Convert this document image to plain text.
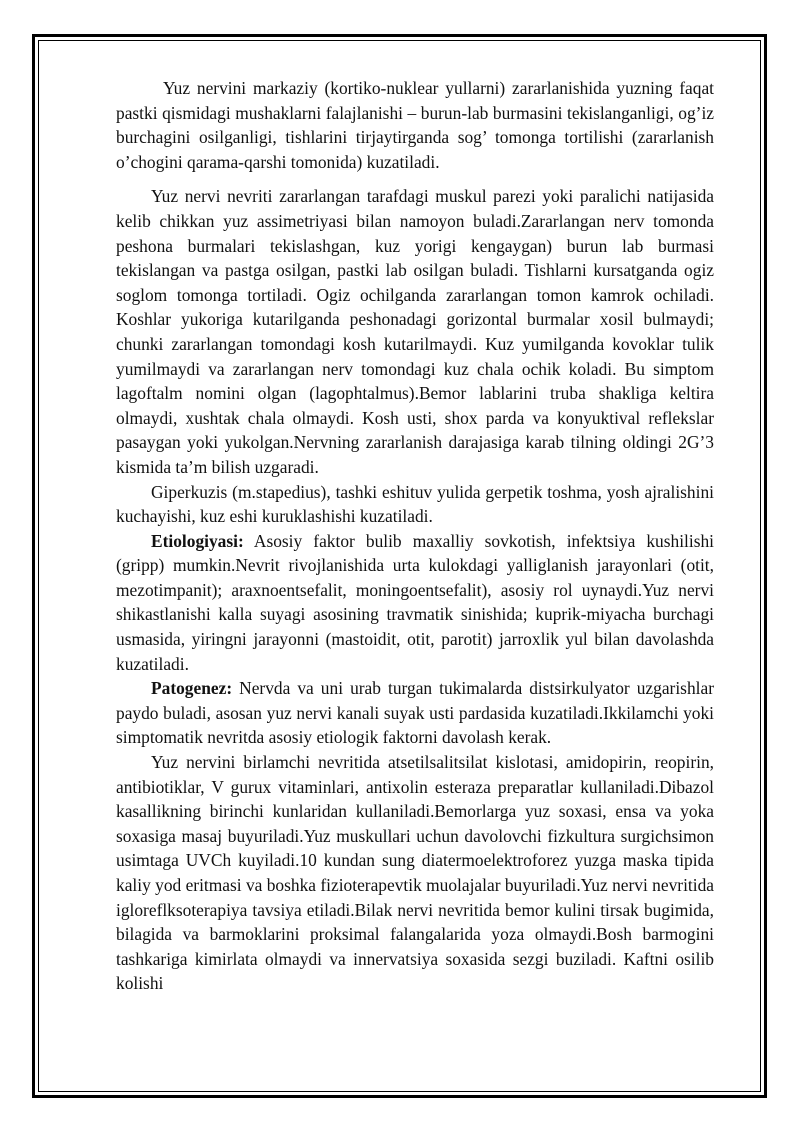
Yuz nervini markaziy (kortiko-nuklear yullarni) zararlanishida yuzning faqat pastki qismidagi mushaklarni falajlanishi – burun-lab burmasini tekislanganligi, og’iz burchagini osilganligi, tishlarini tirjaytirganda sog’ tomonga tortilishi (zararlanish o’chogini qarama-qarshi tomonida) kuzatiladi.

Yuz nervi nevriti zararlangan tarafdagi muskul parezi yoki paralichi natijasida kelib chikkan yuz assimetriyasi bilan namoyon buladi.Zararlangan nerv tomonda peshona burmalari tekislashgan, kuz yorigi kengaygan) burun lab burmasi tekislangan va pastga osilgan, pastki lab osilgan buladi. Tishlarni kursatganda ogiz soglom tomonga tortiladi. Ogiz ochilganda zararlangan tomon kamrok ochiladi. Koshlar yukoriga kutarilganda peshonadagi gorizontal burmalar xosil bulmaydi; chunki zararlangan tomondagi kosh kutarilmaydi. Kuz yumilganda kovoklar tulik yumilmaydi va zararlangan nerv tomondagi kuz chala ochik koladi. Bu simptom lagoftalm nomini olgan (lagophtalmus).Bemor lablarini truba shakliga keltira olmaydi, xushtak chala olmaydi. Kosh usti, shox parda va konyuktival reflekslar pasaygan yoki yukolgan.Nervning zararlanish darajasiga karab tilning oldingi 2G’3 kismida ta’m bilish uzgaradi.

Giperkuzis (m.stapedius), tashki eshituv yulida gerpetik toshma, yosh ajralishini kuchayishi, kuz eshi kuruklashishi kuzatiladi.

Etiologiyasi: Asosiy faktor bulib maxalliy sovkotish, infektsiya kushilishi (gripp) mumkin.Nevrit rivojlanishida urta kulokdagi yalliglanish jarayonlari (otit, mezotimpanit); araxnoentsefalit, moningoentsefalit), asosiy rol uynaydi.Yuz nervi shikastlanishi kalla suyagi asosining travmatik sinishida; kuprik-miyacha burchagi usmasida, yiringni jarayonni (mastoidit, otit, parotit) jarroxlik yul bilan davolashda kuzatiladi.

Patogenez: Nervda va uni urab turgan tukimalarda distsirkulyator uzgarishlar paydo buladi, asosan yuz nervi kanali suyak usti pardasida kuzatiladi.Ikkilamchi yoki simptomatik nevritda asosiy etiologik faktorni davolash kerak.

Yuz nervini birlamchi nevritida atsetilsalitsilat kislotasi, amidopirin, reopirin, antibiotiklar, V gurux vitaminlari, antixolin esteraza preparatlar kullaniladi.Dibazol kasallikning birinchi kunlaridan kullaniladi.Bemorlarga yuz soxasi, ensa va yoka soxasiga masaj buyuriladi.Yuz muskullari uchun davolovchi fizkultura surgichsimon usimtaga UVCh kuyiladi.10 kundan sung diatermoelektroforez yuzga maska tipida kaliy yod eritmasi va boshka fizioterapevtik muolajalar buyuriladi.Yuz nervi nevritida igloreflksoterapiya tavsiya etiladi.Bilak nervi nevritida bemor kulini tirsak bugimida, bilagida va barmoklarini proksimal falangalarida yoza olmaydi.Bosh barmogini tashkariga kimirlata olmaydi va innervatsiya soxasida sezgi buziladi. Kaftni osilib kolishi
